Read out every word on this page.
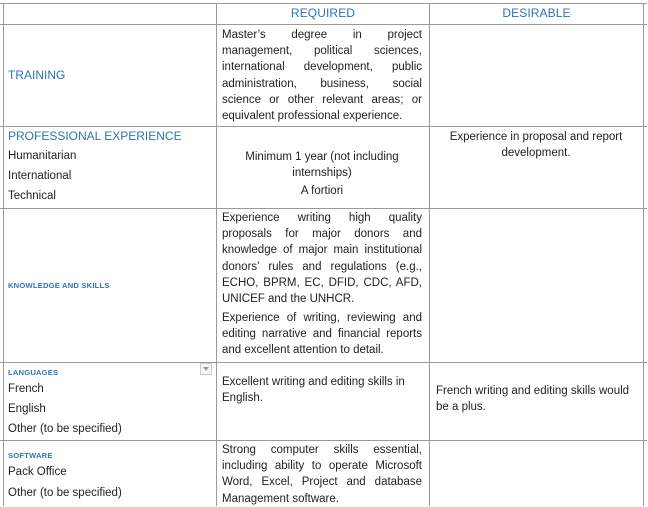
REQUIRED	DESIRABLE
TRAINING
Master’s degree in project management, political sciences, international development, public administration, business, social science or other relevant areas; or equivalent professional experience.
PROFESSIONAL EXPERIENCE
Humanitarian
International
Technical
Minimum 1 year (not including internships)
A fortiori
Experience in proposal and report development.
KNOWLEDGE AND SKILLS
Experience writing high quality proposals for major donors and knowledge of major main institutional donors’ rules and regulations (e.g., ECHO, BPRM, EC, DFID, CDC, AFD, UNICEF and the UNHCR.
Experience of writing, reviewing and editing narrative and financial reports and excellent attention to detail.
LANGUAGES
French
English
Other (to be specified)
Excellent writing and editing skills in English.
French writing and editing skills would be a plus.
SOFTWARE
Pack Office
Other (to be specified)
Strong computer skills essential, including ability to operate Microsoft Word, Excel, Project and database Management software.
